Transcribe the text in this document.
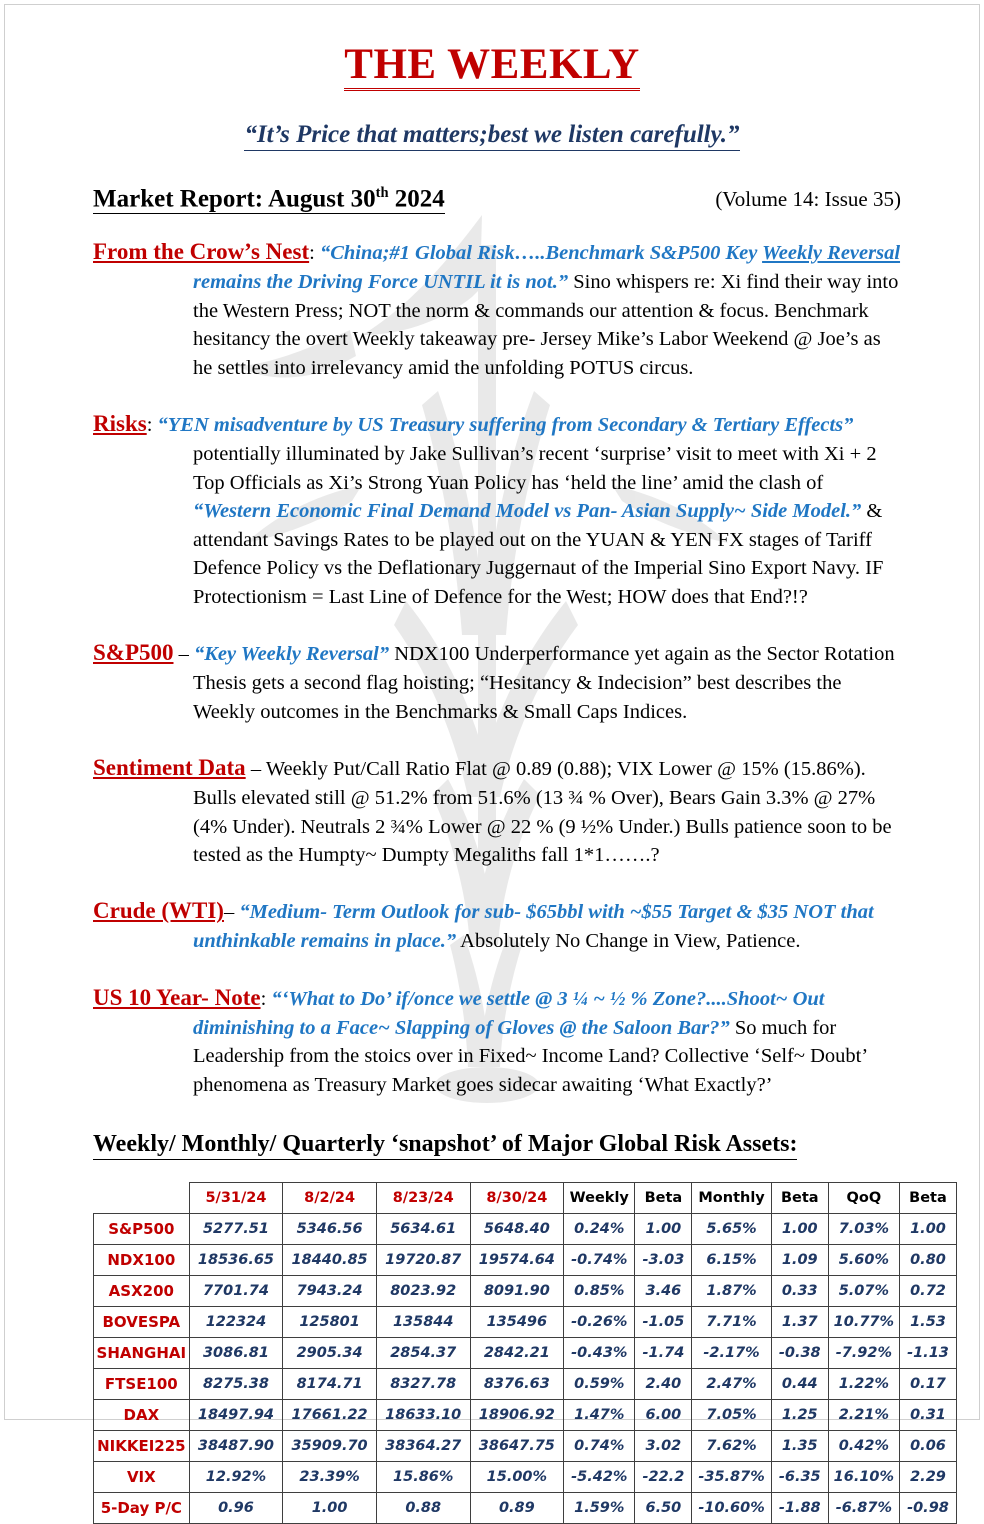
THE WEEKLY
“It’s Price that matters;best we listen carefully.”
Market Report: August 30th 2024	(Volume 14: Issue 35)
From the Crow’s Nest: “China;#1 Global Risk…..Benchmark S&P500 Key Weekly Reversal remains the Driving Force UNTIL it is not.” Sino whispers re: Xi find their way into the Western Press; NOT the norm & commands our attention & focus. Benchmark hesitancy the overt Weekly takeaway pre- Jersey Mike’s Labor Weekend @ Joe’s as he settles into irrelevancy amid the unfolding POTUS circus.
Risks: “YEN misadventure by US Treasury suffering from Secondary & Tertiary Effects” potentially illuminated by Jake Sullivan’s recent ‘surprise’ visit to meet with Xi + 2 Top Officials as Xi’s Strong Yuan Policy has ‘held the line’ amid the clash of “Western Economic Final Demand Model vs Pan- Asian Supply~ Side Model.” & attendant Savings Rates to be played out on the YUAN & YEN FX stages of Tariff Defence Policy vs the Deflationary Juggernaut of the Imperial Sino Export Navy. IF Protectionism = Last Line of Defence for the West; HOW does that End?!?
S&P500 – “Key Weekly Reversal” NDX100 Underperformance yet again as the Sector Rotation Thesis gets a second flag hoisting; “Hesitancy & Indecision” best describes the Weekly outcomes in the Benchmarks & Small Caps Indices.
Sentiment Data – Weekly Put/Call Ratio Flat @ 0.89 (0.88); VIX Lower @ 15% (15.86%). Bulls elevated still @ 51.2% from 51.6% (13 ¾ % Over), Bears Gain 3.3% @ 27% (4% Under). Neutrals 2 ¾% Lower @ 22 % (9 ½% Under.) Bulls patience soon to be tested as the Humpty~ Dumpty Megaliths fall 1*1…….?
Crude (WTI)– “Medium- Term Outlook for sub- $65bbl with ~$55 Target & $35 NOT that unthinkable remains in place.” Absolutely No Change in View, Patience.
US 10 Year- Note: “‘What to Do’ if/once we settle @ 3 ¼ ~ ½ % Zone?....Shoot~ Out diminishing to a Face~ Slapping of Gloves @ the Saloon Bar?” So much for Leadership from the stoics over in Fixed~ Income Land? Collective ‘Self~ Doubt’ phenomena as Treasury Market goes sidecar awaiting ‘What Exactly?’
Weekly/ Monthly/ Quarterly ‘snapshot’ of Major Global Risk Assets:
	5/31/24	8/2/24	8/23/24	8/30/24	Weekly	Beta	Monthly	Beta	QoQ	Beta
S&P500	5277.51	5346.56	5634.61	5648.40	0.24%	1.00	5.65%	1.00	7.03%	1.00
NDX100	18536.65	18440.85	19720.87	19574.64	-0.74%	-3.03	6.15%	1.09	5.60%	0.80
ASX200	7701.74	7943.24	8023.92	8091.90	0.85%	3.46	1.87%	0.33	5.07%	0.72
BOVESPA	122324	125801	135844	135496	-0.26%	-1.05	7.71%	1.37	10.77%	1.53
SHANGHAI	3086.81	2905.34	2854.37	2842.21	-0.43%	-1.74	-2.17%	-0.38	-7.92%	-1.13
FTSE100	8275.38	8174.71	8327.78	8376.63	0.59%	2.40	2.47%	0.44	1.22%	0.17
DAX	18497.94	17661.22	18633.10	18906.92	1.47%	6.00	7.05%	1.25	2.21%	0.31
NIKKEI225	38487.90	35909.70	38364.27	38647.75	0.74%	3.02	7.62%	1.35	0.42%	0.06
VIX	12.92%	23.39%	15.86%	15.00%	-5.42%	-22.2	-35.87%	-6.35	16.10%	2.29
5-Day P/C	0.96	1.00	0.88	0.89	1.59%	6.50	-10.60%	-1.88	-6.87%	-0.98
